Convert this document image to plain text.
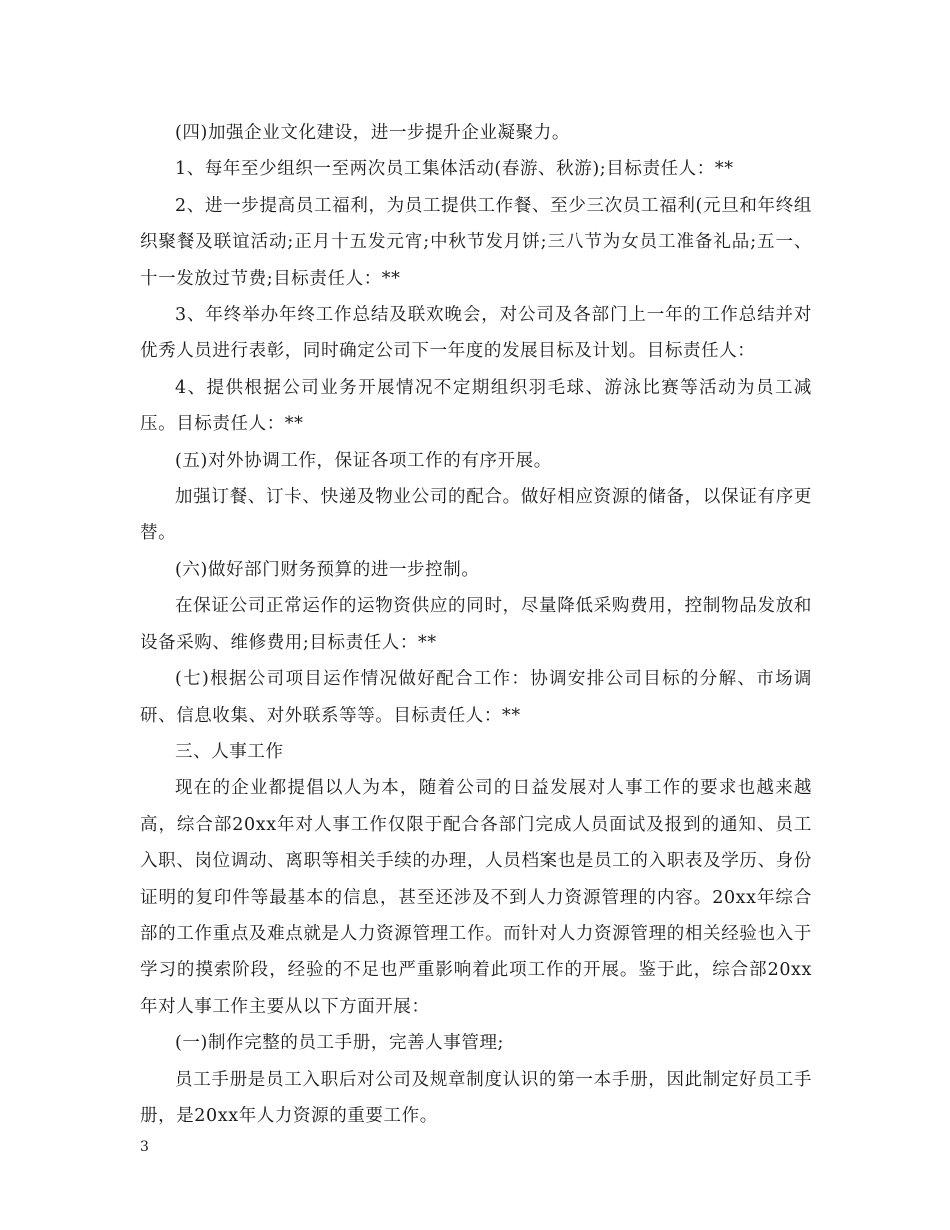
(四)加强企业文化建设，进一步提升企业凝聚力。

1、每年至少组织一至两次员工集体活动(春游、秋游);目标责任人：**

2、进一步提高员工福利，为员工提供工作餐、至少三次员工福利(元旦和年终组织聚餐及联谊活动;正月十五发元宵;中秋节发月饼;三八节为女员工准备礼品;五一、十一发放过节费;目标责任人：**

3、年终举办年终工作总结及联欢晚会，对公司及各部门上一年的工作总结并对优秀人员进行表彰，同时确定公司下一年度的发展目标及计划。目标责任人：

4、提供根据公司业务开展情况不定期组织羽毛球、游泳比赛等活动为员工减压。目标责任人：**

(五)对外协调工作，保证各项工作的有序开展。

加强订餐、订卡、快递及物业公司的配合。做好相应资源的储备，以保证有序更替。

(六)做好部门财务预算的进一步控制。

在保证公司正常运作的运物资供应的同时，尽量降低采购费用，控制物品发放和设备采购、维修费用;目标责任人：**

(七)根据公司项目运作情况做好配合工作：协调安排公司目标的分解、市场调研、信息收集、对外联系等等。目标责任人：**

三、人事工作

现在的企业都提倡以人为本，随着公司的日益发展对人事工作的要求也越来越高，综合部20xx年对人事工作仅限于配合各部门完成人员面试及报到的通知、员工入职、岗位调动、离职等相关手续的办理，人员档案也是员工的入职表及学历、身份证明的复印件等最基本的信息，甚至还涉及不到人力资源管理的内容。20xx年综合部的工作重点及难点就是人力资源管理工作。而针对人力资源管理的相关经验也入于学习的摸索阶段，经验的不足也严重影响着此项工作的开展。鉴于此，综合部20xx年对人事工作主要从以下方面开展：

(一)制作完整的员工手册，完善人事管理;

员工手册是员工入职后对公司及规章制度认识的第一本手册，因此制定好员工手册，是20xx年人力资源的重要工作。

3
